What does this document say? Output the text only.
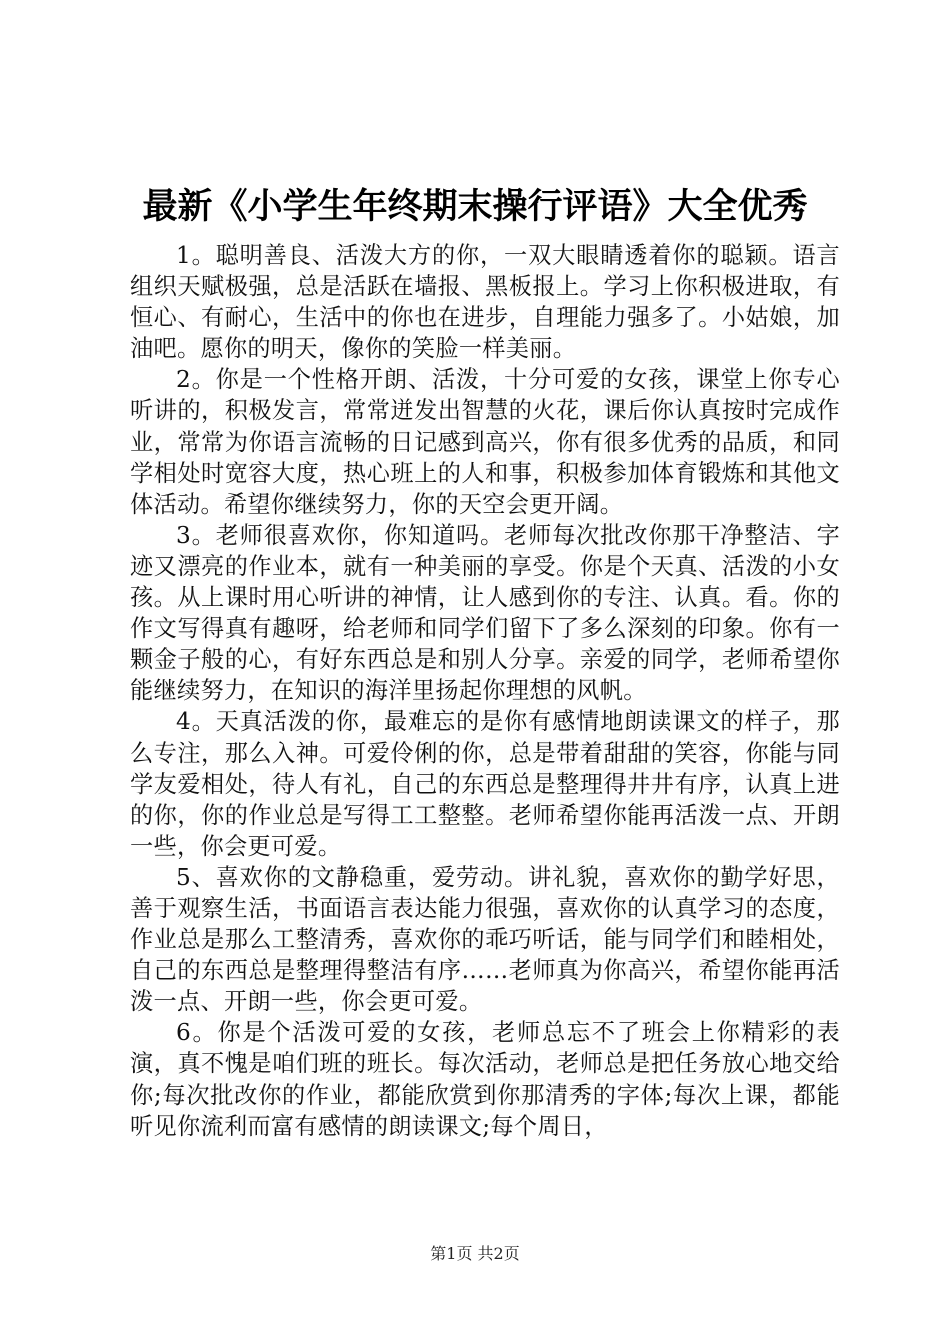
最新《小学生年终期末操行评语》大全优秀

1。聪明善良、活泼大方的你，一双大眼睛透着你的聪颖。语言组织天赋极强，总是活跃在墙报、黑板报上。学习上你积极进取，有恒心、有耐心，生活中的你也在进步，自理能力强多了。小姑娘，加油吧。愿你的明天，像你的笑脸一样美丽。

2。你是一个性格开朗、活泼，十分可爱的女孩，课堂上你专心听讲的，积极发言，常常迸发出智慧的火花，课后你认真按时完成作业，常常为你语言流畅的日记感到高兴，你有很多优秀的品质，和同学相处时宽容大度，热心班上的人和事，积极参加体育锻炼和其他文体活动。希望你继续努力，你的天空会更开阔。

3。老师很喜欢你，你知道吗。老师每次批改你那干净整洁、字迹又漂亮的作业本，就有一种美丽的享受。你是个天真、活泼的小女孩。从上课时用心听讲的神情，让人感到你的专注、认真。看。你的作文写得真有趣呀，给老师和同学们留下了多么深刻的印象。你有一颗金子般的心，有好东西总是和别人分享。亲爱的同学，老师希望你能继续努力，在知识的海洋里扬起你理想的风帆。

4。天真活泼的你，最难忘的是你有感情地朗读课文的样子，那么专注，那么入神。可爱伶俐的你，总是带着甜甜的笑容，你能与同学友爱相处，待人有礼，自己的东西总是整理得井井有序，认真上进的你，你的作业总是写得工工整整。老师希望你能再活泼一点、开朗一些，你会更可爱。

5、喜欢你的文静稳重，爱劳动。讲礼貌，喜欢你的勤学好思，善于观察生活，书面语言表达能力很强，喜欢你的认真学习的态度，作业总是那么工整清秀，喜欢你的乖巧听话，能与同学们和睦相处，自己的东西总是整理得整洁有序……老师真为你高兴，希望你能再活泼一点、开朗一些，你会更可爱。

6。你是个活泼可爱的女孩，老师总忘不了班会上你精彩的表演，真不愧是咱们班的班长。每次活动，老师总是把任务放心地交给你;每次批改你的作业，都能欣赏到你那清秀的字体;每次上课，都能听见你流利而富有感情的朗读课文;每个周日，

第1页 共2页
